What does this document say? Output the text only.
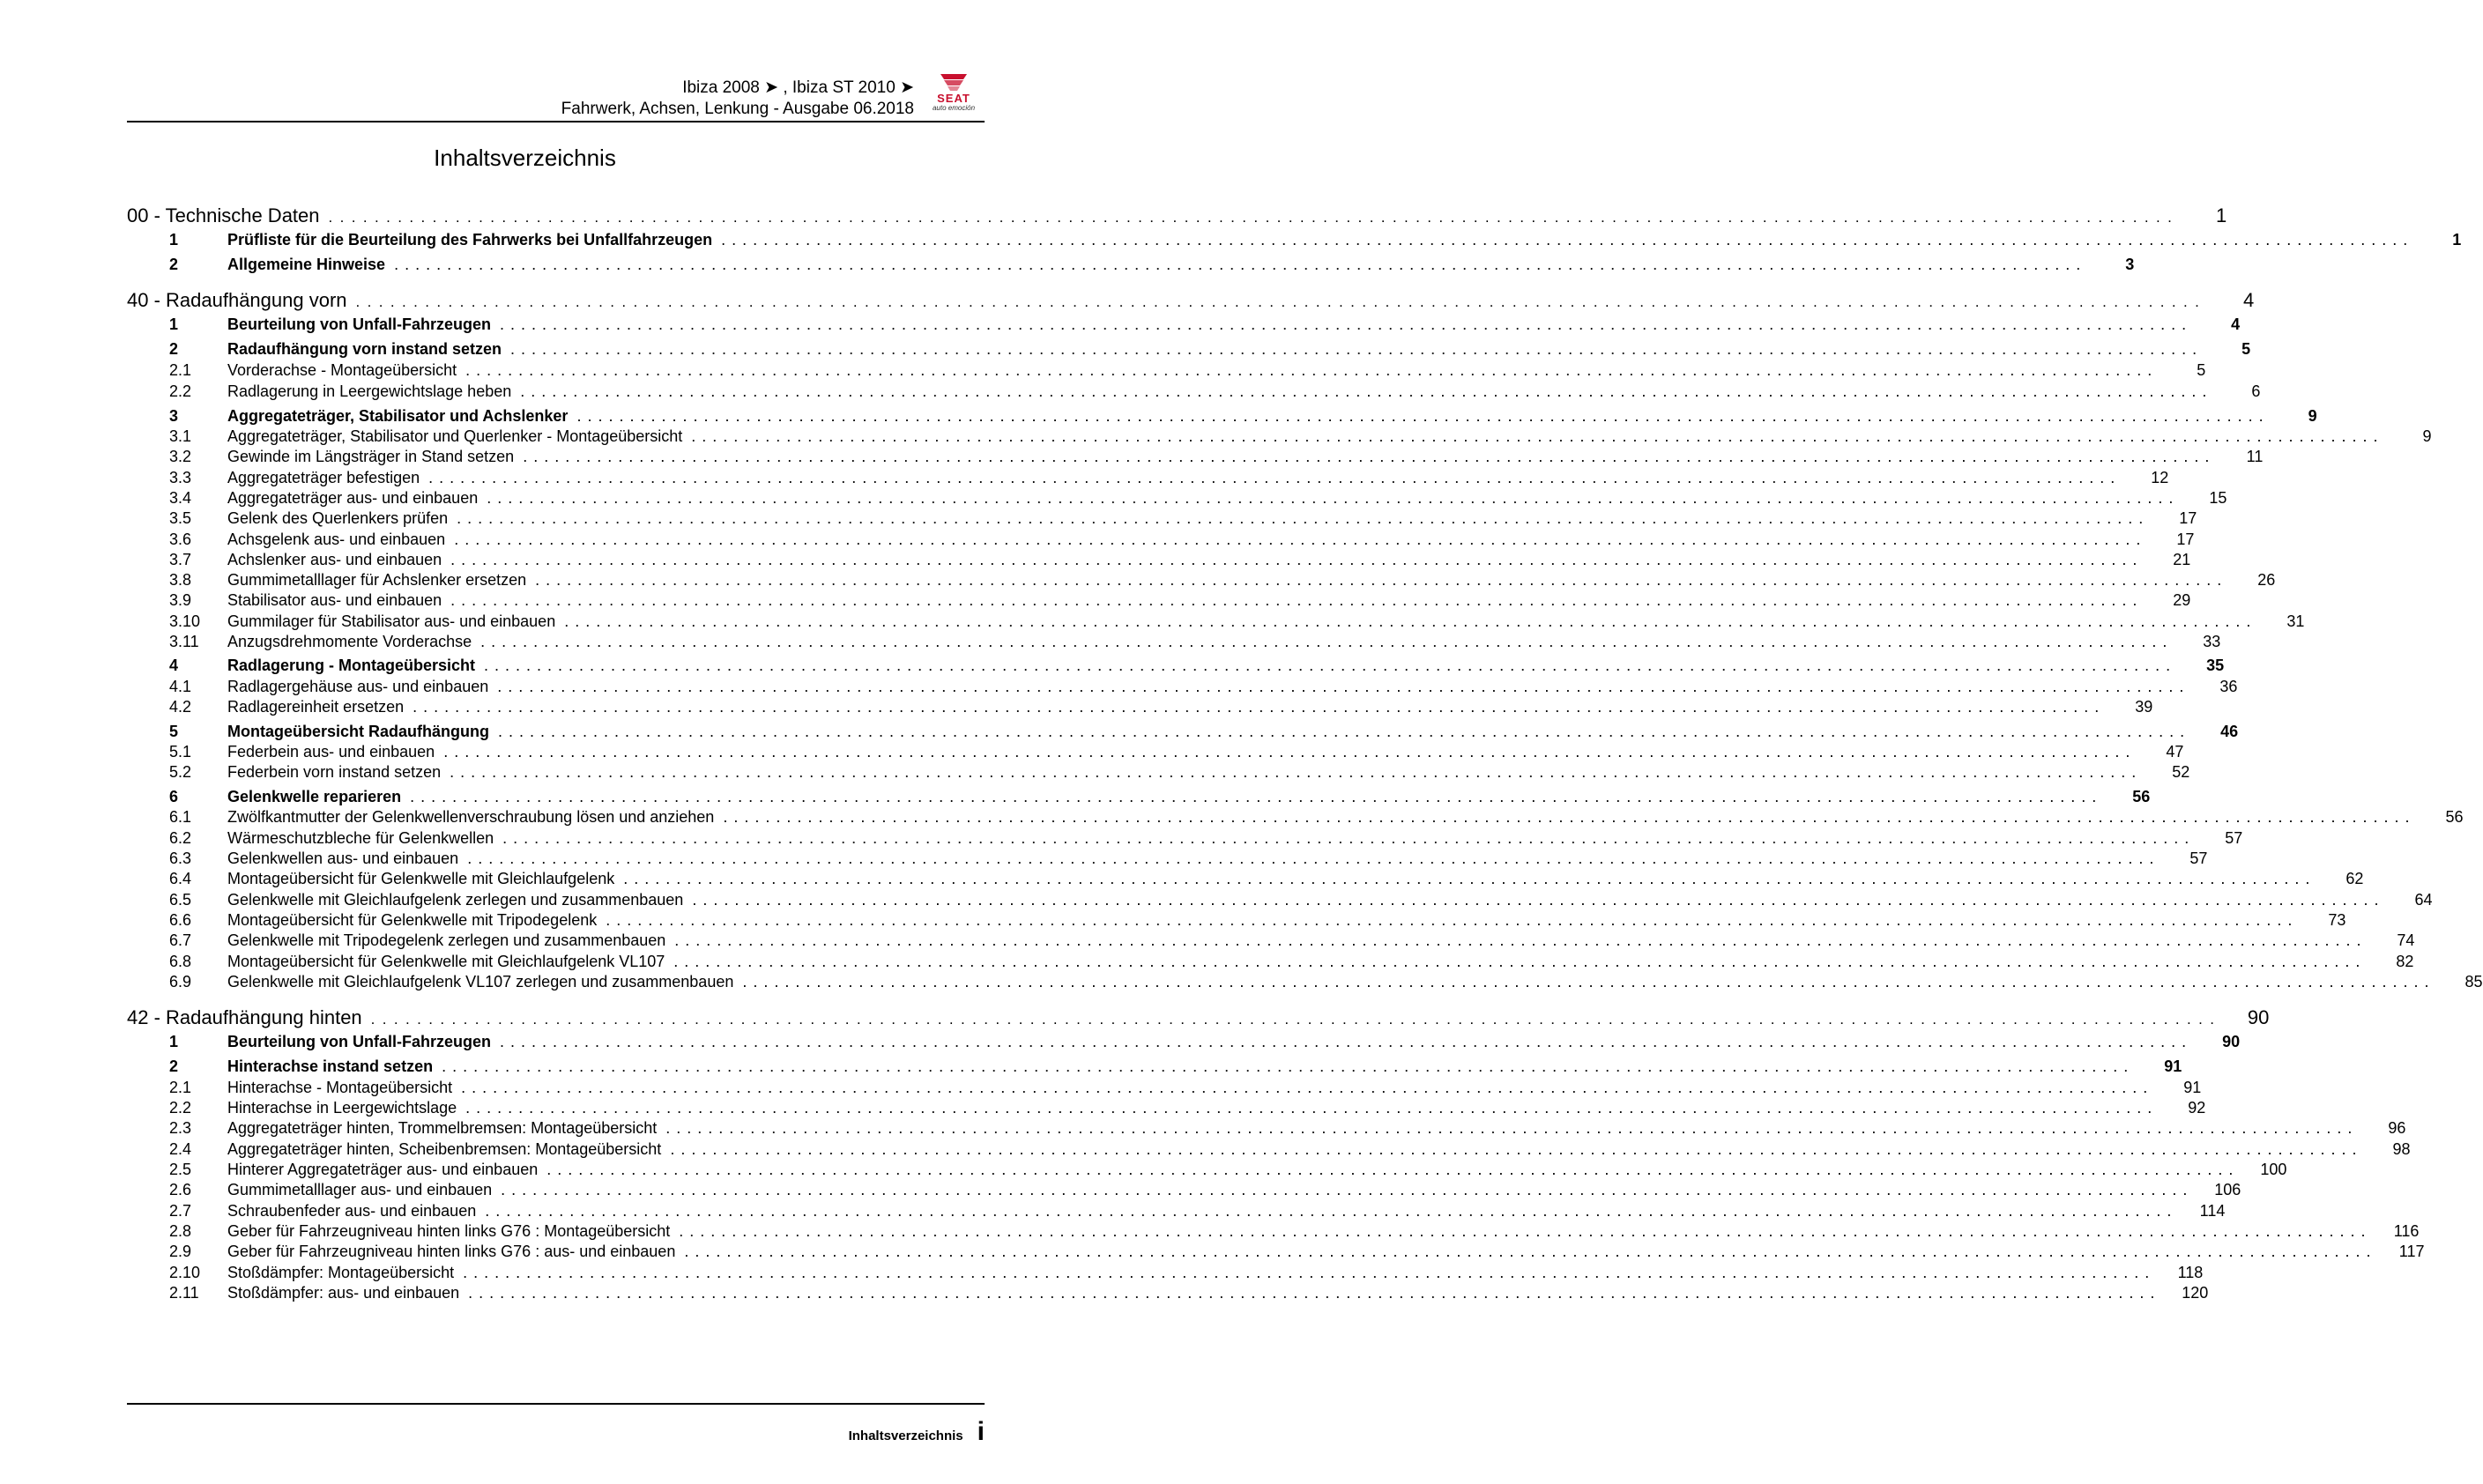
Ibiza 2008 ➤ , Ibiza ST 2010 ➤
Fahrwerk, Achsen, Lenkung - Ausgabe 06.2018
SEAT
auto emoción
Inhaltsverzeichnis
00 - Technische Daten ................................................................................................................................................................	1
1	Prüfliste für die Beurteilung des Fahrwerks bei Unfallfahrzeugen ................................................................................................................................................................	1
2	Allgemeine Hinweise ................................................................................................................................................................	3
40 - Radaufhängung vorn ................................................................................................................................................................	4
1	Beurteilung von Unfall-Fahrzeugen ................................................................................................................................................................	4
2	Radaufhängung vorn instand setzen ................................................................................................................................................................	5
2.1 Vorderachse - Montageübersicht ................................................................................................................................................................	5
2.2 Radlagerung in Leergewichtslage heben ................................................................................................................................................................	6
3	Aggregateträger, Stabilisator und Achslenker ................................................................................................................................................................	9
3.1 Aggregateträger, Stabilisator und Querlenker - Montageübersicht ................................................................................................................................................................	9
3.2 Gewinde im Längsträger in Stand setzen ................................................................................................................................................................	11
3.3 Aggregateträger befestigen ................................................................................................................................................................	12
3.4 Aggregateträger aus- und einbauen ................................................................................................................................................................	15
3.5 Gelenk des Querlenkers prüfen ................................................................................................................................................................	17
3.6 Achsgelenk aus- und einbauen ................................................................................................................................................................	17
3.7 Achslenker aus- und einbauen ................................................................................................................................................................	21
3.8 Gummimetalllager für Achslenker ersetzen ................................................................................................................................................................	26
3.9 Stabilisator aus- und einbauen ................................................................................................................................................................	29
3.10 Gummilager für Stabilisator aus- und einbauen ................................................................................................................................................................	31
3.11 Anzugsdrehmomente Vorderachse ................................................................................................................................................................	33
4	Radlagerung - Montageübersicht ................................................................................................................................................................	35
4.1 Radlagergehäuse aus- und einbauen ................................................................................................................................................................	36
4.2 Radlagereinheit ersetzen ................................................................................................................................................................	39
5	Montageübersicht Radaufhängung ................................................................................................................................................................	46
5.1 Federbein aus- und einbauen ................................................................................................................................................................	47
5.2 Federbein vorn instand setzen ................................................................................................................................................................	52
6	Gelenkwelle reparieren ................................................................................................................................................................	56
6.1 Zwölfkantmutter der Gelenkwellenverschraubung lösen und anziehen ................................................................................................................................................................	56
6.2 Wärmeschutzbleche für Gelenkwellen ................................................................................................................................................................	57
6.3 Gelenkwellen aus- und einbauen ................................................................................................................................................................	57
6.4 Montageübersicht für Gelenkwelle mit Gleichlaufgelenk ................................................................................................................................................................	62
6.5 Gelenkwelle mit Gleichlaufgelenk zerlegen und zusammenbauen ................................................................................................................................................................	64
6.6 Montageübersicht für Gelenkwelle mit Tripodegelenk ................................................................................................................................................................	73
6.7 Gelenkwelle mit Tripodegelenk zerlegen und zusammenbauen ................................................................................................................................................................	74
6.8 Montageübersicht für Gelenkwelle mit Gleichlaufgelenk VL107 ................................................................................................................................................................	82
6.9 Gelenkwelle mit Gleichlaufgelenk VL107 zerlegen und zusammenbauen ................................................................................................................................................................	85
42 - Radaufhängung hinten ................................................................................................................................................................	90
1	Beurteilung von Unfall-Fahrzeugen ................................................................................................................................................................	90
2	Hinterachse instand setzen ................................................................................................................................................................	91
2.1 Hinterachse - Montageübersicht ................................................................................................................................................................	91
2.2 Hinterachse in Leergewichtslage ................................................................................................................................................................	92
2.3 Aggregateträger hinten, Trommelbremsen: Montageübersicht ................................................................................................................................................................	96
2.4 Aggregateträger hinten, Scheibenbremsen: Montageübersicht ................................................................................................................................................................	98
2.5 Hinterer Aggregateträger aus- und einbauen ................................................................................................................................................................	100
2.6 Gummimetalllager aus- und einbauen ................................................................................................................................................................	106
2.7 Schraubenfeder aus- und einbauen ................................................................................................................................................................	114
2.8 Geber für Fahrzeugniveau hinten links G76 : Montageübersicht ................................................................................................................................................................	116
2.9 Geber für Fahrzeugniveau hinten links G76 : aus- und einbauen ................................................................................................................................................................	117
2.10 Stoßdämpfer: Montageübersicht ................................................................................................................................................................	118
2.11 Stoßdämpfer: aus- und einbauen ................................................................................................................................................................	120
Inhaltsverzeichnis i
